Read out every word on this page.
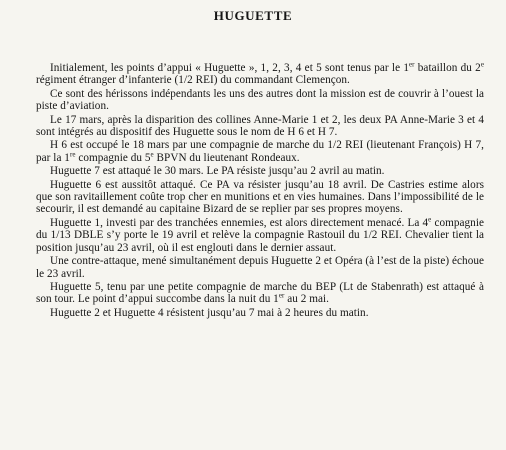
HUGUETTE

Initialement, les points d’appui « Huguette », 1, 2, 3, 4 et 5 sont tenus par le 1er bataillon du 2e régiment étranger d’infanterie (1/2 REI) du commandant Clemençon.

Ce sont des hérissons indépendants les uns des autres dont la mission est de couvrir à l’ouest la piste d’aviation.

Le 17 mars, après la disparition des collines Anne-Marie 1 et 2, les deux PA Anne-Marie 3 et 4 sont intégrés au dispositif des Huguette sous le nom de H 6 et H 7.

H 6 est occupé le 18 mars par une compagnie de marche du 1/2 REI (lieutenant François) H 7, par la 1re compagnie du 5e BPVN du lieutenant Rondeaux.

Huguette 7 est attaqué le 30 mars. Le PA résiste jusqu’au 2 avril au matin.

Huguette 6 est aussitôt attaqué. Ce PA va résister jusqu’au 18 avril. De Castries estime alors que son ravitaillement coûte trop cher en munitions et en vies humaines. Dans l’impossibilité de le secourir, il est demandé au capitaine Bizard de se replier par ses propres moyens.

Huguette 1, investi par des tranchées ennemies, est alors directement menacé. La 4e compagnie du 1/13 DBLE s’y porte le 19 avril et relève la compagnie Rastouil du 1/2 REI. Chevalier tient la position jusqu’au 23 avril, où il est englouti dans le dernier assaut.

Une contre-attaque, mené simultanément depuis Huguette 2 et Opéra (à l’est de la piste) échoue le 23 avril.

Huguette 5, tenu par une petite compagnie de marche du BEP (Lt de Stabenrath) est attaqué à son tour. Le point d’appui succombe dans la nuit du 1er au 2 mai.

Huguette 2 et Huguette 4 résistent jusqu’au 7 mai à 2 heures du matin.
